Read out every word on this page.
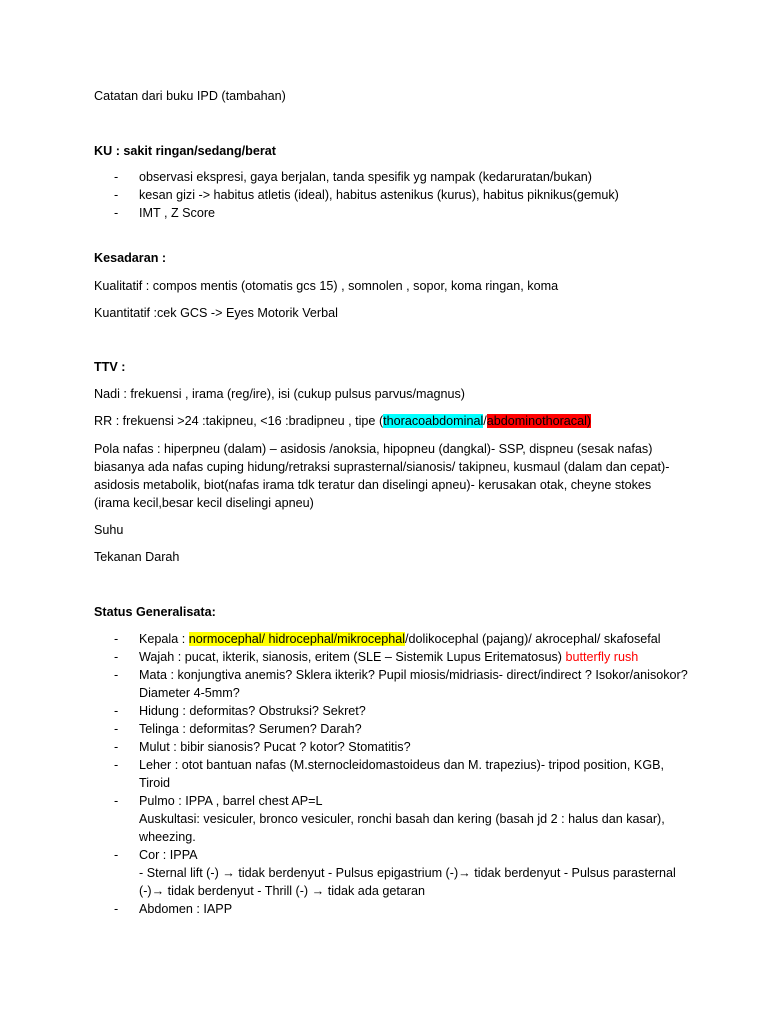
Catatan dari buku IPD (tambahan)
KU : sakit ringan/sedang/berat
- observasi ekspresi, gaya berjalan, tanda spesifik yg nampak (kedaruratan/bukan)
- kesan gizi -> habitus atletis (ideal), habitus astenikus (kurus), habitus piknikus(gemuk)
- IMT , Z Score
Kesadaran :
Kualitatif : compos mentis (otomatis gcs 15) , somnolen , sopor, koma ringan, koma
Kuantitatif :cek GCS -> Eyes Motorik Verbal
TTV :
Nadi : frekuensi , irama (reg/ire), isi (cukup pulsus parvus/magnus)
RR : frekuensi >24 :takipneu, <16 :bradipneu , tipe (thoracoabdominal/abdominothoracal)
Pola nafas : hiperpneu (dalam) – asidosis /anoksia, hipopneu (dangkal)- SSP, dispneu (sesak nafas) biasanya ada nafas cuping hidung/retraksi suprasternal/sianosis/ takipneu, kusmaul (dalam dan cepat)- asidosis metabolik, biot(nafas irama tdk teratur dan diselingi apneu)- kerusakan otak, cheyne stokes (irama kecil,besar kecil diselingi apneu)
Suhu
Tekanan Darah
Status Generalisata:
- Kepala : normocephal/ hidrocephal/mikrocephal/dolikocephal (pajang)/ akrocephal/ skafosefal
- Wajah : pucat, ikterik, sianosis, eritem (SLE – Sistemik Lupus Eritematosus) butterfly rush
- Mata : konjungtiva anemis? Sklera ikterik? Pupil miosis/midriasis- direct/indirect ? Isokor/anisokor? Diameter 4-5mm?
- Hidung : deformitas? Obstruksi? Sekret?
- Telinga : deformitas? Serumen? Darah?
- Mulut : bibir sianosis? Pucat ? kotor? Stomatitis?
- Leher : otot bantuan nafas (M.sternocleidomastoideus dan M. trapezius)- tripod position, KGB, Tiroid
- Pulmo : IPPA , barrel chest AP=L
Auskultasi: vesiculer, bronco vesiculer, ronchi basah dan kering (basah jd 2 : halus dan kasar), wheezing.
- Cor : IPPA
- Sternal lift (-) → tidak berdenyut - Pulsus epigastrium (-)→ tidak berdenyut - Pulsus parasternal (-)→ tidak berdenyut - Thrill (-) → tidak ada getaran
- Abdomen : IAPP
